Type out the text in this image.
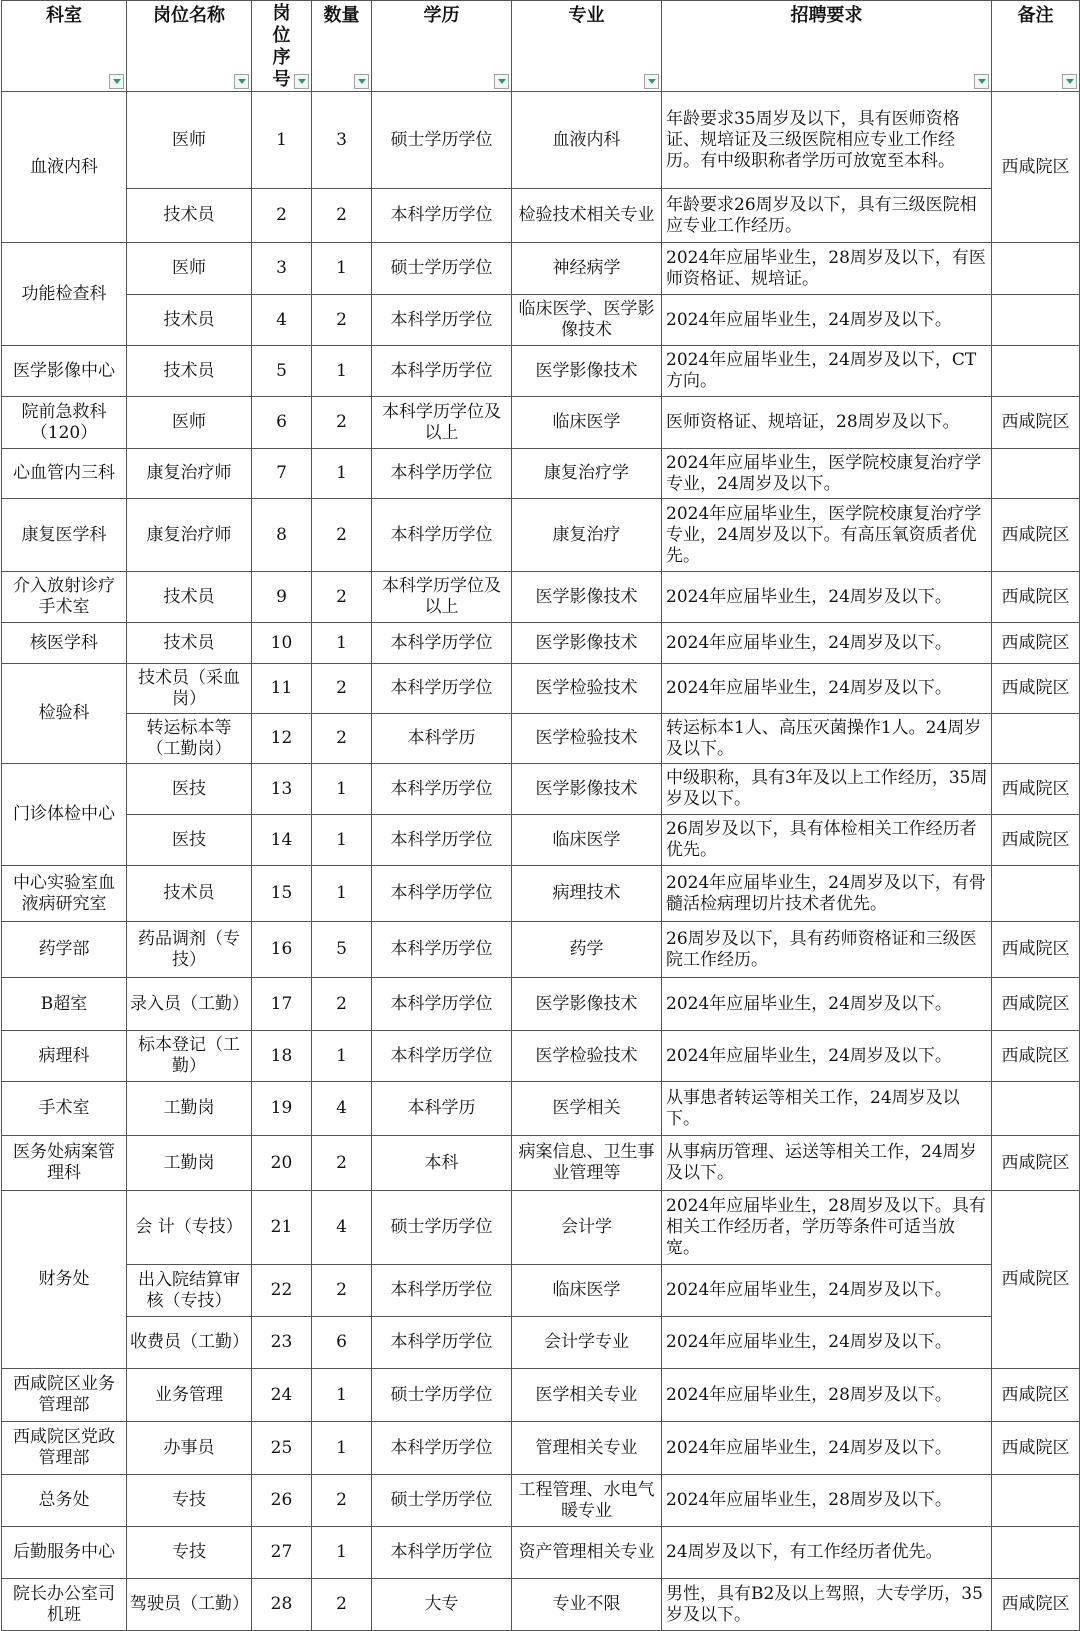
科室	岗位名称	岗位序号	数量	学历	专业	招聘要求	备注

血液内科	医师	1	3	硕士学历学位	血液内科	年龄要求35周岁及以下，具有医师资格证、规培证及三级医院相应专业工作经历。有中级职称者学历可放宽至本科。	西咸院区
	技术员	2	2	本科学历学位	检验技术相关专业	年龄要求26周岁及以下，具有三级医院相应专业工作经历。	
功能检查科	医师	3	1	硕士学历学位	神经病学	2024年应届毕业生，28周岁及以下，有医师资格证、规培证。	
	技术员	4	2	本科学历学位	临床医学、医学影像技术	2024年应届毕业生，24周岁及以下。	
医学影像中心	技术员	5	1	本科学历学位	医学影像技术	2024年应届毕业生，24周岁及以下，CT方向。	
院前急救科（120）	医师	6	2	本科学历学位及以上	临床医学	医师资格证、规培证，28周岁及以下。	西咸院区
心血管内三科	康复治疗师	7	1	本科学历学位	康复治疗学	2024年应届毕业生，医学院校康复治疗学专业，24周岁及以下。	
康复医学科	康复治疗师	8	2	本科学历学位	康复治疗	2024年应届毕业生，医学院校康复治疗学专业，24周岁及以下。有高压氧资质者优先。	西咸院区
介入放射诊疗手术室	技术员	9	2	本科学历学位及以上	医学影像技术	2024年应届毕业生，24周岁及以下。	西咸院区
核医学科	技术员	10	1	本科学历学位	医学影像技术	2024年应届毕业生，24周岁及以下。	西咸院区
检验科	技术员（采血岗）	11	2	本科学历学位	医学检验技术	2024年应届毕业生，24周岁及以下。	西咸院区
	转运标本等（工勤岗）	12	2	本科学历	医学检验技术	转运标本1人、高压灭菌操作1人。24周岁及以下。	
门诊体检中心	医技	13	1	本科学历学位	医学影像技术	中级职称，具有3年及以上工作经历，35周岁及以下。	西咸院区
	医技	14	1	本科学历学位	临床医学	26周岁及以下，具有体检相关工作经历者优先。	西咸院区
中心实验室血液病研究室	技术员	15	1	本科学历学位	病理技术	2024年应届毕业生，24周岁及以下，有骨髓活检病理切片技术者优先。	
药学部	药品调剂（专技）	16	5	本科学历学位	药学	26周岁及以下，具有药师资格证和三级医院工作经历。	西咸院区
B超室	录入员（工勤）	17	2	本科学历学位	医学影像技术	2024年应届毕业生，24周岁及以下。	西咸院区
病理科	标本登记（工勤）	18	1	本科学历学位	医学检验技术	2024年应届毕业生，24周岁及以下。	西咸院区
手术室	工勤岗	19	4	本科学历	医学相关	从事患者转运等相关工作，24周岁及以下。	
医务处病案管理科	工勤岗	20	2	本科	病案信息、卫生事业管理等	从事病历管理、运送等相关工作，24周岁及以下。	西咸院区
财务处	会 计（专技）	21	4	硕士学历学位	会计学	2024年应届毕业生，28周岁及以下。具有相关工作经历者，学历等条件可适当放宽。	西咸院区
	出入院结算审核（专技）	22	2	本科学历学位	临床医学	2024年应届毕业生，24周岁及以下。	
	收费员（工勤）	23	6	本科学历学位	会计学专业	2024年应届毕业生，24周岁及以下。	
西咸院区业务管理部	业务管理	24	1	硕士学历学位	医学相关专业	2024年应届毕业生，28周岁及以下。	西咸院区
西咸院区党政管理部	办事员	25	1	本科学历学位	管理相关专业	2024年应届毕业生，24周岁及以下。	西咸院区
总务处	专技	26	2	硕士学历学位	工程管理、水电气暖专业	2024年应届毕业生，28周岁及以下。	
后勤服务中心	专技	27	1	本科学历学位	资产管理相关专业	24周岁及以下，有工作经历者优先。	
院长办公室司机班	驾驶员（工勤）	28	2	大专	专业不限	男性，具有B2及以上驾照，大专学历，35岁及以下。	西咸院区
